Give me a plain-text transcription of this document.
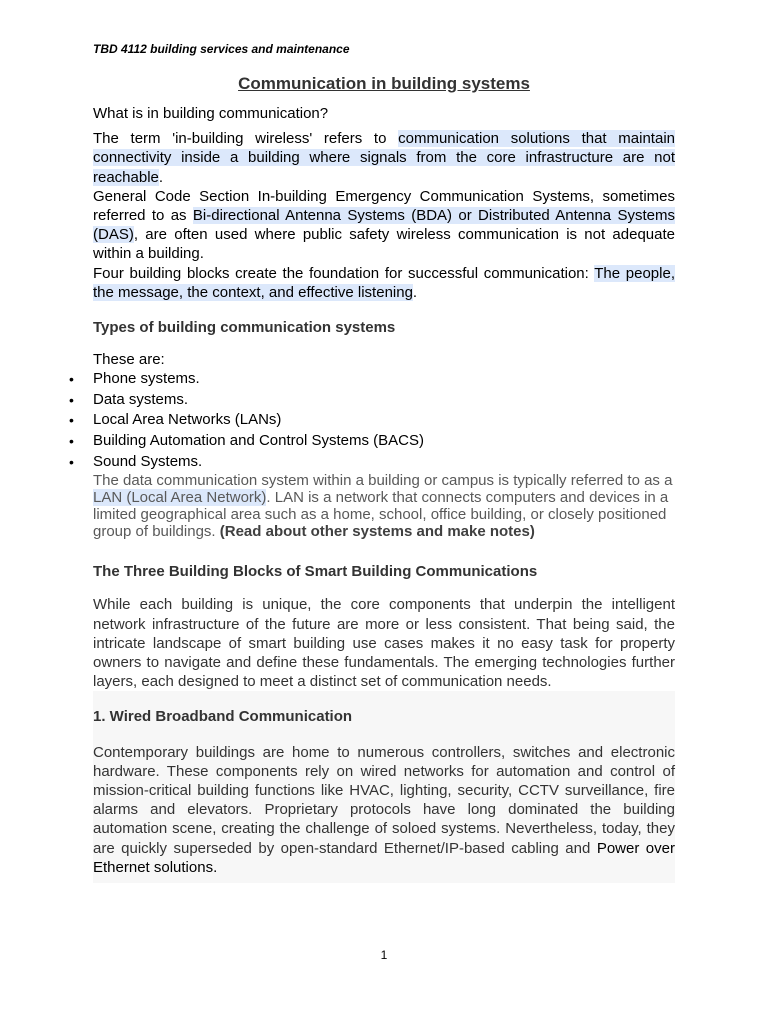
TBD 4112 building services and maintenance
Communication in building systems

What is in building communication?

The term 'in-building wireless' refers to communication solutions that maintain connectivity inside a building where signals from the core infrastructure are not reachable.

General Code Section In-building Emergency Communication Systems, sometimes referred to as Bi-directional Antenna Systems (BDA) or Distributed Antenna Systems (DAS), are often used where public safety wireless communication is not adequate within a building.

Four building blocks create the foundation for successful communication: The people, the message, the context, and effective listening.

Types of building communication systems

These are:

• Phone systems.
• Data systems.
• Local Area Networks (LANs)
• Building Automation and Control Systems (BACS)
• Sound Systems.

The data communication system within a building or campus is typically referred to as a LAN (Local Area Network). LAN is a network that connects computers and devices in a limited geographical area such as a home, school, office building, or closely positioned group of buildings. (Read about other systems and make notes)

The Three Building Blocks of Smart Building Communications

While each building is unique, the core components that underpin the intelligent network infrastructure of the future are more or less consistent. That being said, the intricate landscape of smart building use cases makes it no easy task for property owners to navigate and define these fundamentals. The emerging technologies further layers, each designed to meet a distinct set of communication needs.

1. Wired Broadband Communication

Contemporary buildings are home to numerous controllers, switches and electronic hardware. These components rely on wired networks for automation and control of mission-critical building functions like HVAC, lighting, security, CCTV surveillance, fire alarms and elevators. Proprietary protocols have long dominated the building automation scene, creating the challenge of soloed systems. Nevertheless, today, they are quickly superseded by open-standard Ethernet/IP-based cabling and Power over Ethernet solutions.

1
